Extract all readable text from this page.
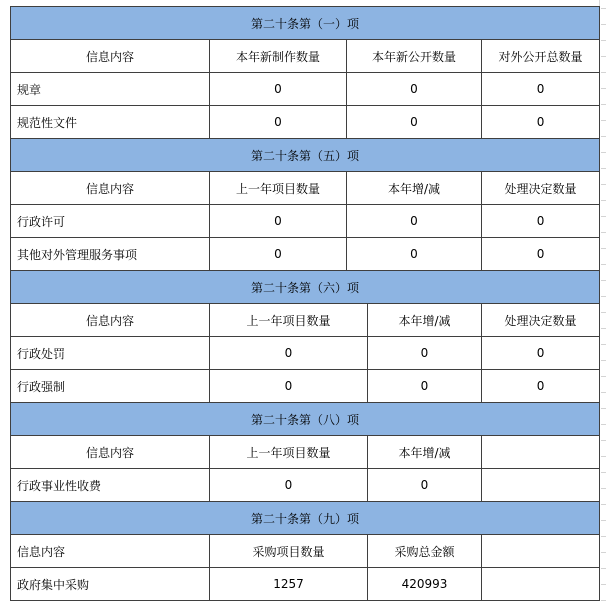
第二十条第（一）项			
信息内容	本年新制作数量	本年新公开数量	对外公开总数量
规章	0	0	0
规范性文件	0	0	0
第二十条第（五）项			
信息内容	上一年项目数量	本年增/减	处理决定数量
行政许可	0	0	0
其他对外管理服务事项	0	0	0
第二十条第（六）项			
信息内容	上一年项目数量	本年增/减	处理决定数量
行政处罚	0	0	0
行政强制	0	0	0
第二十条第（八）项			
信息内容	上一年项目数量	本年增/减	
行政事业性收费	0	0	
第二十条第（九）项			
信息内容	采购项目数量	采购总金额	
政府集中采购	1257	420993	
